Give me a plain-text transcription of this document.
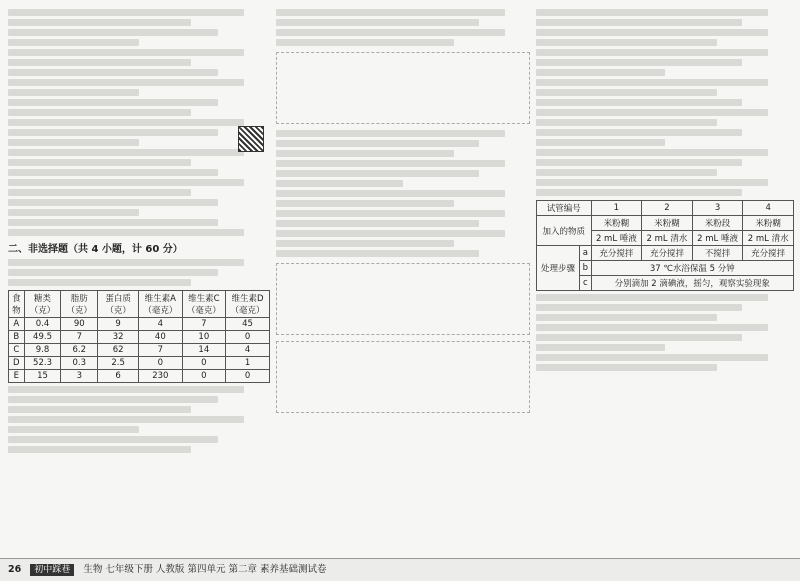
二、非选择题（共 4 小题，计 60 分）
食物	糖类（克）	脂肪（克）	蛋白质（克）	维生素A（毫克）	维生素C（毫克）	维生素D（毫克）
A	0.4	90	9	4	7	45
B	49.5	7	32	40	10	0
C	9.8	6.2	62	7	14	4
D	52.3	0.3	2.5	0	0	1
E	15	3	6	230	0	0
试管编号		1	2	3	4
加入的物质		米粉糊	米粉糊	米粉段	米粉糊
		2 mL 唾液	2 mL 清水	2 mL 唾液	2 mL 清水
处理步骤	a	充分搅拌	充分搅拌	不搅拌	充分搅拌
	b	37 ℃水浴保温 5 分钟			
	c	分别滴加 2 滴碘液，摇匀，观察实验现象			
26 初中踩巷 生物 七年级下册 人教版 第四单元 第二章 素养基础测试卷
